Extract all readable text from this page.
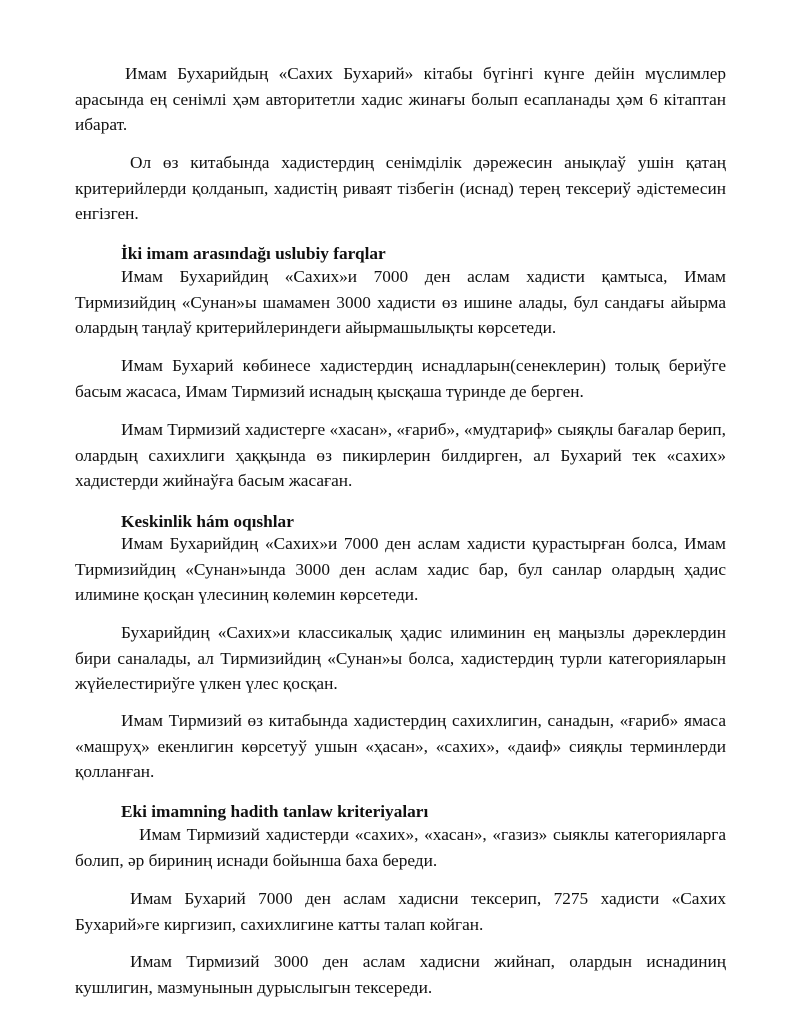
Имам Бухарийдың «Сахих Бухарий» кітабы бүгінгі күнге дейін мүслимлер арасында ең сенімлі ҳәм авторитетли хадис жинағы болып есапланады ҳәм 6 кітаптан ибарат.

Ол өз китабында хадистердиң сенімділік дәрежесин анықлаў ушін қатаң критерийлерди қолданып, хадистің риваят тізбегін (иснад) терең тексериў әдістемесин енгізген.

İki imam arasındağı uslubiy farqlar

Имам Бухарийдиң «Сахих»и 7000 ден аслам хадисти қамтыса, Имам Тирмизийдиң «Сунан»ы шамамен 3000 хадисти өз ишине алады, бул сандағы айырма олардың таңлаў критерийлериндеги айырмашылықты көрсетеди.

Имам Бухарий көбинесе хадистердиң иснадларын(сенеклерин) толық бериўге басым жасаса, Имам Тирмизий иснадың қысқаша түринде де берген.

Имам Тирмизий хадистерге «хасан», «ғариб», «мудтариф» сыяқлы бағалар берип, олардың сахихлиги ҳаққында өз пикирлерин билдирген, ал Бухарий тек «сахих» хадистерди жийнаўға басым жасаған.

Keskinlik hám oqıshlar

Имам Бухарийдиң «Сахих»и 7000 ден аслам хадисти қурастырған болса, Имам Тирмизийдиң «Сунан»ында 3000 ден аслам хадис бар, бул санлар олардың ҳадис илимине қосқан үлесиниң көлемин көрсетеди.

Бухарийдиң «Сахих»и классикалық ҳадис илиминин ең маңызлы дәреклердин бири саналады, ал Тирмизийдиң «Сунан»ы болса, хадистердиң турли категорияларын жүйелестириўге үлкен үлес қосқан.

Имам Тирмизий өз китабында хадистердиң сахихлигин, санадын, «ғариб» ямаса «машруҳ» екенлигин көрсетуў ушын «ҳасан», «сахих», «даиф» сияқлы терминлерди қолланған.

Eki imamning hadith tanlaw kriteriyaları

Имам Тирмизий хадистерди «сахих», «хасан», «газиз» сыяклы категорияларга болип, әр бириниң иснади бойынша баха береди.

Имам Бухарий 7000 ден аслам хадисни тексерип, 7275 хадисти «Сахих Бухарий»ге киргизип, сахихлигине катты талап койган.

Имам Тирмизий 3000 ден аслам хадисни жийнап, олардын иснадиниң кушлигин, мазмунынын дурыслыгын тексереди.
